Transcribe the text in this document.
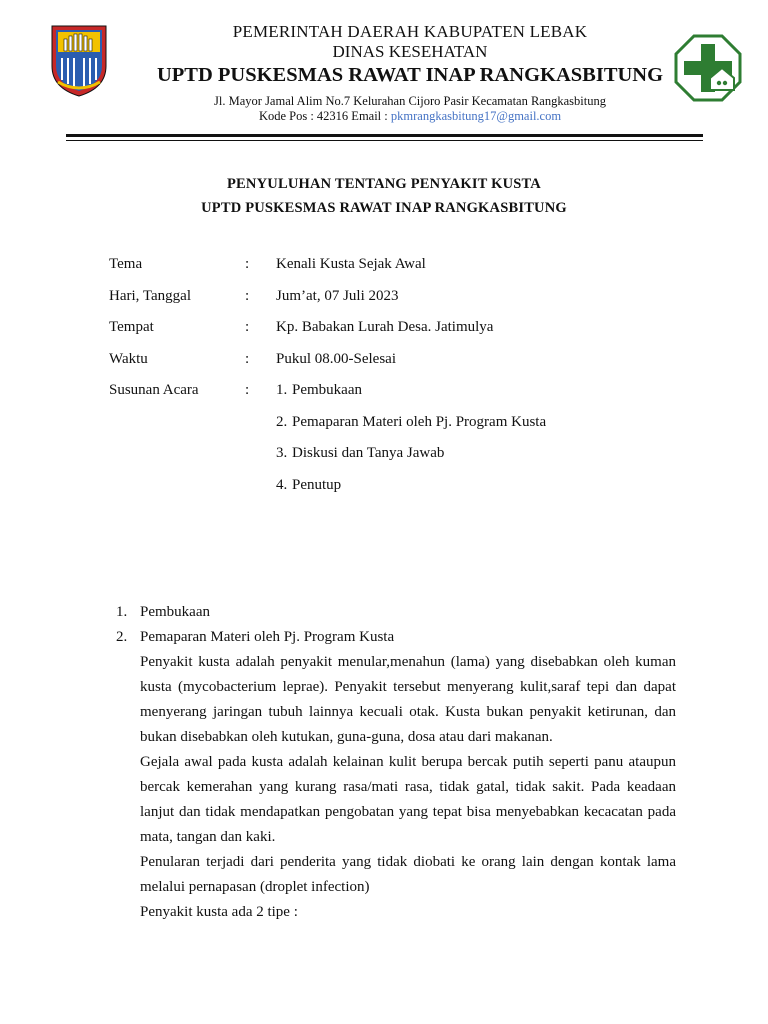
PEMERINTAH DAERAH KABUPATEN LEBAK
DINAS KESEHATAN
UPTD PUSKESMAS RAWAT INAP RANGKASBITUNG
Jl. Mayor Jamal Alim No.7 Kelurahan Cijoro Pasir Kecamatan Rangkasbitung
Kode Pos : 42316 Email : pkmrangkasbitung17@gmail.com
PENYULUHAN TENTANG PENYAKIT KUSTA
UPTD PUSKESMAS RAWAT INAP RANGKASBITUNG
Tema	: Kenali Kusta Sejak Awal
Hari, Tanggal	: Jum’at, 07 Juli 2023
Tempat	: Kp. Babakan Lurah Desa. Jatimulya
Waktu	: Pukul 08.00-Selesai
Susunan Acara	: 1. Pembukaan
2. Pemaparan Materi oleh Pj. Program Kusta
3. Diskusi dan Tanya Jawab
4. Penutup
1. Pembukaan
2. Pemaparan Materi oleh Pj. Program Kusta
Penyakit kusta adalah penyakit menular,menahun (lama) yang disebabkan oleh kuman kusta (mycobacterium leprae). Penyakit tersebut menyerang kulit,saraf tepi dan dapat menyerang jaringan tubuh lainnya kecuali otak. Kusta bukan penyakit ketirunan, dan bukan disebabkan oleh kutukan, guna-guna, dosa atau dari makanan.
Gejala awal pada kusta adalah kelainan kulit berupa bercak putih seperti panu ataupun bercak kemerahan yang kurang rasa/mati rasa, tidak gatal, tidak sakit. Pada keadaan lanjut dan tidak mendapatkan pengobatan yang tepat bisa menyebabkan kecacatan pada mata, tangan dan kaki.
Penularan terjadi dari penderita yang tidak diobati ke orang lain dengan kontak lama melalui pernapasan (droplet infection)
Penyakit kusta ada 2 tipe :
